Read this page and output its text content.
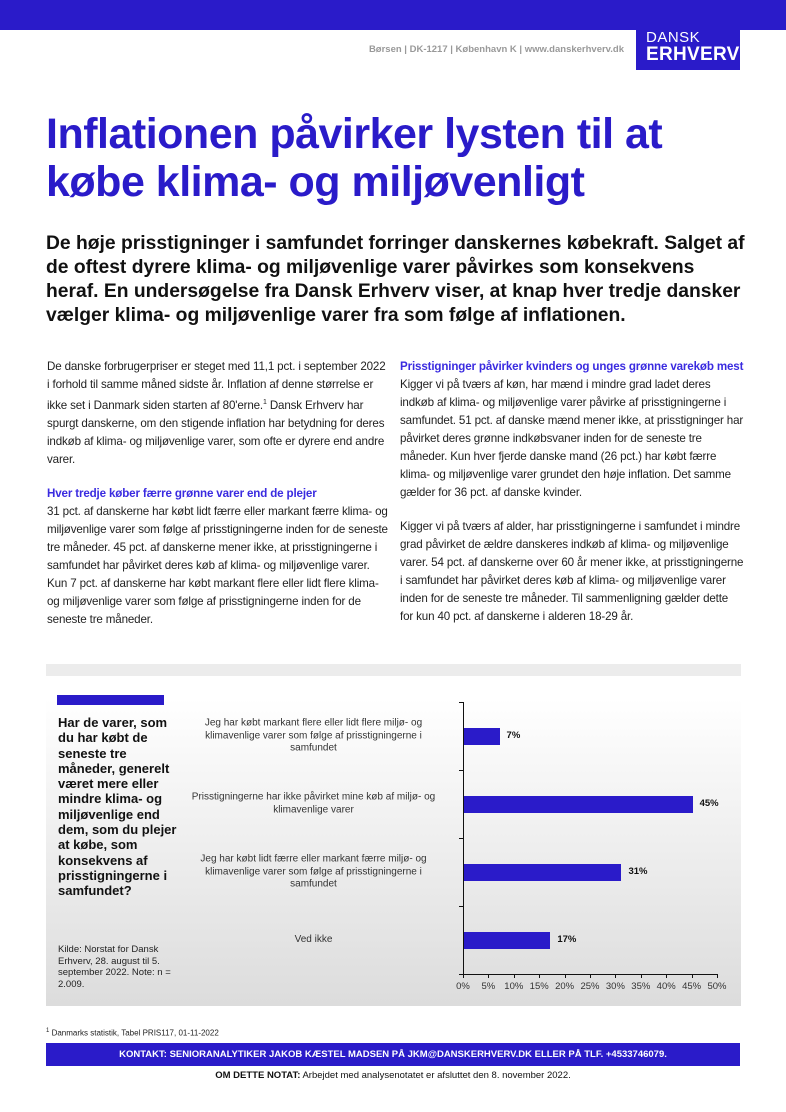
DANSK
ERHVERV
Børsen | DK-1217 | København K | www.danskerhverv.dk
Inflationen påvirker lysten til at købe klima- og miljøvenligt
De høje prisstigninger i samfundet forringer danskernes købekraft. Salget af de oftest dyrere klima- og miljøvenlige varer påvirkes som konsekvens heraf. En undersøgelse fra Dansk Erhverv viser, at knap hver tredje dansker vælger klima- og miljøvenlige varer fra som følge af inflationen.

De danske forbrugerpriser er steget med 11,1 pct. i september 2022 i forhold til samme måned sidste år. Inflation af denne størrelse er ikke set i Danmark siden starten af 80'erne.$^1$ Dansk Erhverv har spurgt danskerne, om den stigende inflation har betydning for deres indkøb af klima- og miljøvenlige varer, som ofte er dyrere end andre varer.

Hver tredje køber færre grønne varer end de plejer

31 pct. af danskerne har købt lidt færre eller markant færre klima- og miljøvenlige varer som følge af prisstigningerne inden for de seneste tre måneder. 45 pct. af danskerne mener ikke, at prisstigningerne i samfundet har påvirket deres køb af klima- og miljøvenlige varer. Kun 7 pct. af danskerne har købt markant flere eller lidt flere klima- og miljøvenlige varer som følge af prisstigningerne inden for de seneste tre måneder.

Prisstigninger påvirker kvinders og unges grønne varekøb mest

Kigger vi på tværs af køn, har mænd i mindre grad ladet deres indkøb af klima- og miljøvenlige varer påvirke af prisstigningerne i samfundet. 51 pct. af danske mænd mener ikke, at prisstigninger har påvirket deres grønne indkøbsvaner inden for de seneste tre måneder. Kun hver fjerde danske mand (26 pct.) har købt færre klima- og miljøvenlige varer grundet den høje inflation. Det samme gælder for 36 pct. af danske kvinder.

Kigger vi på tværs af alder, har prisstigningerne i samfundet i mindre grad påvirket de ældre danskeres indkøb af klima- og miljøvenlige varer. 54 pct. af danskerne over 60 år mener ikke, at prisstigningerne i samfundet har påvirket deres køb af klima- og miljøvenlige varer inden for de seneste tre måneder. Til sammenligning gælder dette for kun 40 pct. af danskerne i alderen 18-29 år.

Har de varer, som du har købt de seneste tre måneder, generelt været mere eller mindre klima- og miljøvenlige end dem, som du plejer at købe, som konsekvens af prisstigningerne i samfundet?
Kilde: Norstat for Dansk Erhverv, 28. august til 5. september 2022. Note: n = 2.009.
Jeg har købt markant flere eller lidt flere miljø- og klimavenlige varer som følge af prisstigningerne i samfundet
7%
Prisstigningerne har ikke påvirket mine køb af miljø- og klimavenlige varer
45%
Jeg har købt lidt færre eller markant færre miljø- og klimavenlige varer som følge af prisstigningerne i samfundet
31%
Ved ikke	17%
0%	5% 10% 15% 20% 25% 30% 35% 40% 45% 50%
$^1$ Danmarks statistik, Tabel PRIS117, 01-11-2022
KONTAKT: SENIORANALYTIKER JAKOB KÆSTEL MADSEN PÅ JKM@DANSKERHVERV.DK ELLER PÅ TLF. +4533746079.
OM DETTE NOTAT: Arbejdet med analysenotatet er afsluttet den 8. november 2022.
